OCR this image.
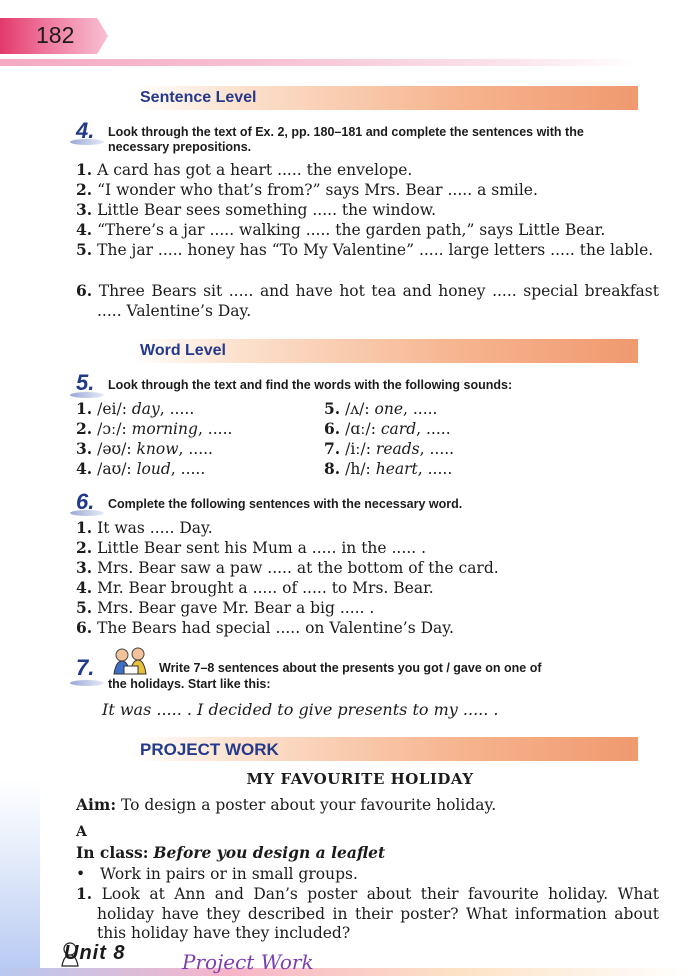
182
Sentence Level
4. Look through the text of Ex. 2, pp. 180–181 and complete the sentences with the necessary prepositions.
1. A card has got a heart ..... the envelope.
2. “I wonder who that’s from?” says Mrs. Bear ..... a smile.
3. Little Bear sees something ..... the window.
4. “There’s a jar ..... walking ..... the garden path,” says Little Bear.
5. The jar ..... honey has “To My Valentine” ..... large letters ..... the lable.
6. Three Bears sit ..... and have hot tea and honey ..... special breakfast ..... Valentine’s Day.
Word Level
5. Look through the text and find the words with the following sounds:
1. /ei/: day, .....
2. /ɔː/: morning, .....
3. /əʊ/: know, .....
4. /aʊ/: loud, .....
5. /ʌ/: one, .....
6. /ɑː/: card, .....
7. /iː/: reads, .....
8. /h/: heart, .....
6. Complete the following sentences with the necessary word.
1. It was ..... Day.
2. Little Bear sent his Mum a ..... in the ..... .
3. Mrs. Bear saw a paw ..... at the bottom of the card.
4. Mr. Bear brought a ..... of ..... to Mrs. Bear.
5. Mrs. Bear gave Mr. Bear a big ..... .
6. The Bears had special ..... on Valentine’s Day.
7.	Write 7–8 sentences about the presents you got / gave on one of
the holidays. Start like this:
It was ..... . I decided to give presents to my ..... .
PROJECT WORK
MY FAVOURITE HOLIDAY
Aim: To design a poster about your favourite holiday.
A
In class: Before you design a leaflet
• Work in pairs or in small groups.
1. Look at Ann and Dan’s poster about their favourite holiday. What holiday have they described in their poster? What information about this holiday have they included?
Unit 8	Project Work
